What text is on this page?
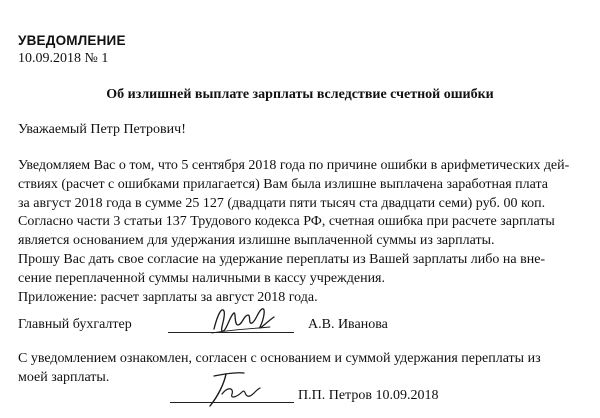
УВЕДОМЛЕНИЕ
10.09.2018 № 1
Об излишней выплате зарплаты вследствие счетной ошибки
Уважаемый Петр Петрович!

Уведомляем Вас о том, что 5 сентября 2018 года по причине ошибки в арифметических дей-

ствиях (расчет с ошибками прилагается) Вам была излишне выплачена заработная плата

за август 2018 года в сумме 25 127 (двадцати пяти тысяч ста двадцати семи) руб. 00 коп.

Согласно части 3 статьи 137 Трудового кодекса РФ, счетная ошибка при расчете зарплаты

является основанием для удержания излишне выплаченной суммы из зарплаты.

Прошу Вас дать свое согласие на удержание переплаты из Вашей зарплаты либо на вне-

сение переплаченной суммы наличными в кассу учреждения.

Приложение: расчет зарплаты за август 2018 года.

Главный бухгалтер	А.В. Иванова

С уведомлением ознакомлен, согласен с основанием и суммой удержания переплаты из

моей зарплаты.

П.П. Петров 10.09.2018
